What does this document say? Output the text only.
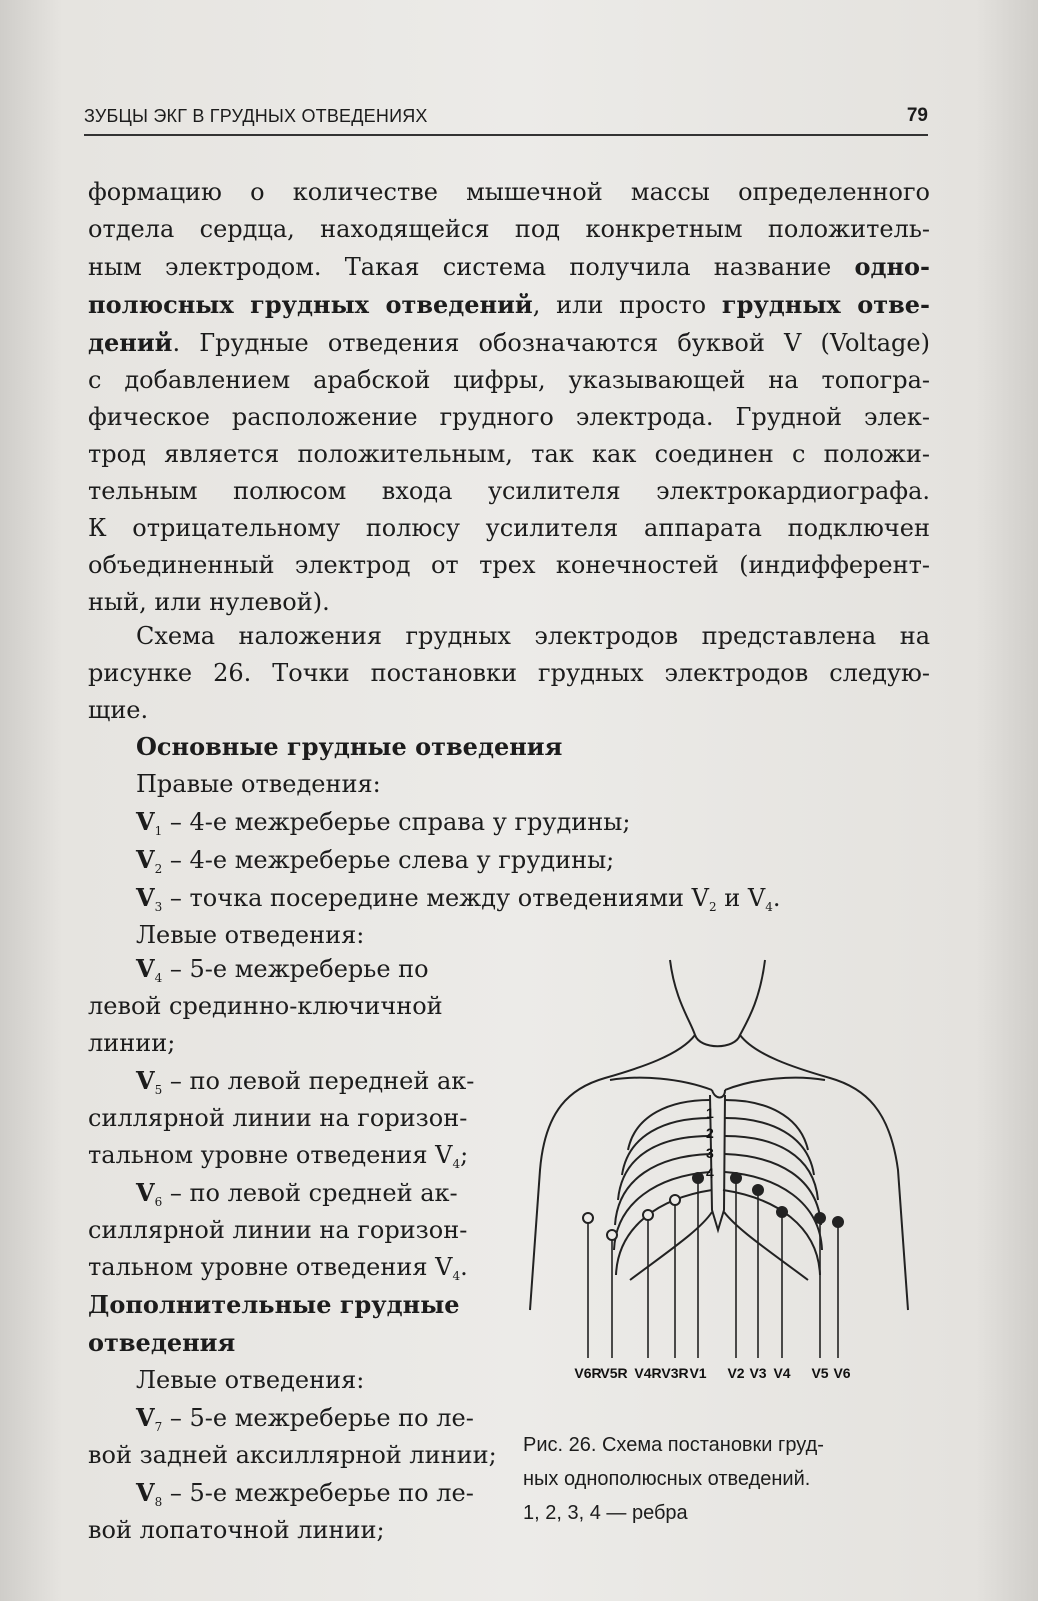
ЗУБЦЫ ЭКГ В ГРУДНЫХ ОТВЕДЕНИЯХ	79
формацию о количестве мышечной массы определенного
отдела сердца, находящейся под конкретным положитель-
ным электродом. Такая система получила название одно-
полюсных грудных отведений, или просто грудных отве-
дений. Грудные отведения обозначаются буквой V (Voltage)
с добавлением арабской цифры, указывающей на топогра-
фическое расположение грудного электрода. Грудной элек-
трод является положительным, так как соединен с положи-
тельным полюсом входа усилителя электрокардиографа.
К отрицательному полюсу усилителя аппарата подключен
объединенный электрод от трех конечностей (индифферент-
ный, или нулевой).
Схема наложения грудных электродов представлена на
рисунке 26. Точки постановки грудных электродов следую-
щие.
Основные грудные отведения
Правые отведения:
$V_1 - 4-е$ межреберье справа у грудины;
$V_2 - 4-е$ межреберье слева у грудины;
$V_3$ – точка посередине между отведениями $V_2$ и $V_4$.
Левые отведения:
$V_4 - 5-е$ межреберье по
левой срединно-ключичной
линии;
$V_5$ – по левой передней ак-
силлярной линии на горизон-
тальном уровне отведения $V_4$;
$V_6$ – по левой средней ак-
силлярной линии на горизон-
тальном уровне отведения $V_4$.
Дополнительные грудные
отведения
Левые отведения:
$V_7 - 5-е$ межреберье по ле-
вой задней аксиллярной линии;
$V_8 - 5-е$ межреберье по ле-
вой лопаточной линии;
1
2
3
4
V6R
V5R V4R V3R V1 V2 V3 V4 V5 V6
Рис. 26. Схема постановки груд-
ных однополюсных отведений.
1, 2, 3, 4 — ребра
